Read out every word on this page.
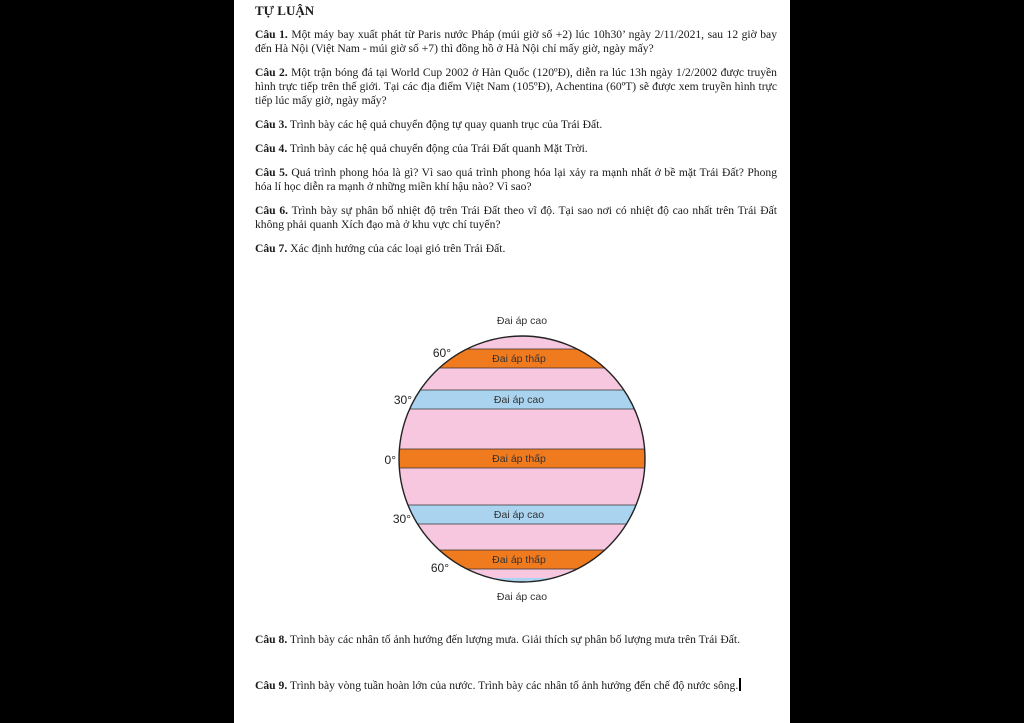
TỰ LUẬN
Câu 1. Một máy bay xuất phát từ Paris nước Pháp (múi giờ số +2) lúc 10h30’ ngày 2/11/2021, sau 12 giờ bay đến Hà Nội (Việt Nam - múi giờ số +7) thì đồng hồ ở Hà Nội chỉ mấy giờ, ngày mấy?
Câu 2. Một trận bóng đá tại World Cup 2002 ở Hàn Quốc (120ºĐ), diễn ra lúc 13h ngày 1/2/2002 được truyền hình trực tiếp trên thế giới. Tại các địa điểm Việt Nam (105ºĐ), Achentina (60ºT) sẽ được xem truyền hình trực tiếp lúc mấy giờ, ngày mấy?
Câu 3. Trình bày các hệ quả chuyển động tự quay quanh trục của Trái Đất.
Câu 4. Trình bày các hệ quả chuyển động của Trái Đất quanh Mặt Trời.
Câu 5. Quá trình phong hóa là gì? Vì sao quá trình phong hóa lại xảy ra mạnh nhất ở bề mặt Trái Đất? Phong hóa lí học diễn ra mạnh ở những miền khí hậu nào? Vì sao?
Câu 6. Trình bày sự phân bố nhiệt độ trên Trái Đất theo vĩ độ. Tại sao nơi có nhiệt độ cao nhất trên Trái Đất không phải quanh Xích đạo mà ở khu vực chí tuyến?
Câu 7. Xác định hướng của các loại gió trên Trái Đất.
Đai áp cao
Đai áp thấp
Đai áp cao
Đai áp thấp
Đai áp cao
Đai áp thấp
Đai áp cao
60°
30°
0°
30°
60°
Câu 8. Trình bày các nhân tố ảnh hưởng đến lượng mưa. Giải thích sự phân bố lượng mưa trên Trái Đất.
Câu 9. Trình bày vòng tuần hoàn lớn của nước. Trình bày các nhân tố ảnh hưởng đến chế độ nước sông.
